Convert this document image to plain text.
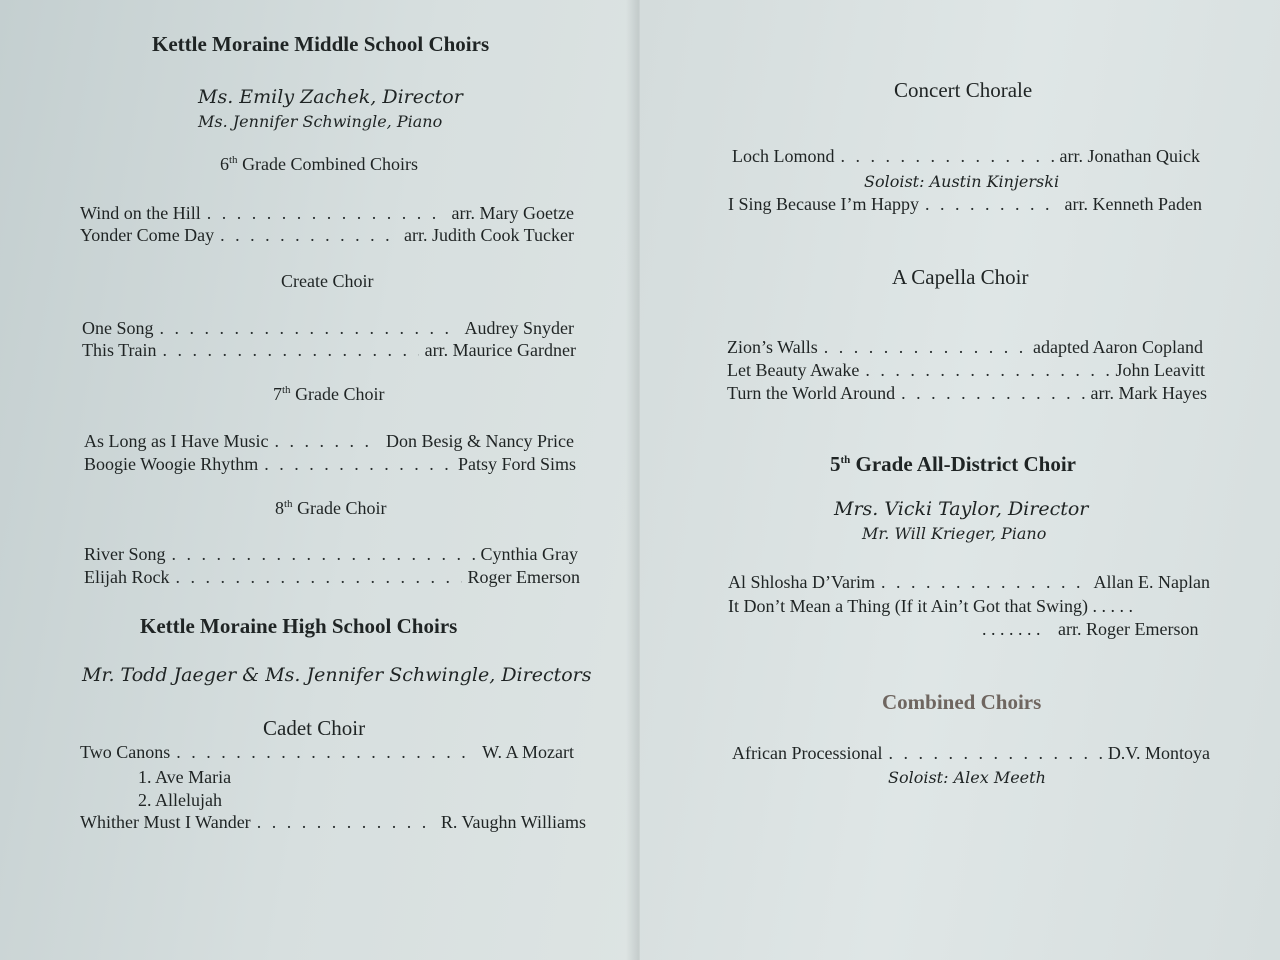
Kettle Moraine Middle School Choirs
Ms. Emily Zachek, Director
Ms. Jennifer Schwingle, Piano
6th Grade Combined Choirs
Wind on the Hill . . .	arr. Mary Goetze
Yonder Come Day . . .	arr. Judith Cook Tucker
Create Choir
One Song . . .	Audrey Snyder
This Train . . .	arr. Maurice Gardner
7th Grade Choir
As Long as I Have Music . . .	Don Besig & Nancy Price
Boogie Woogie Rhythm . . .	Patsy Ford Sims
8th Grade Choir
River Song . . .	Cynthia Gray
Elijah Rock . . .	Roger Emerson
Kettle Moraine High School Choirs
Mr. Todd Jaeger & Ms. Jennifer Schwingle, Directors
Cadet Choir
Two Canons . . .	W. A Mozart
1. Ave Maria
2. Allelujah
Whither Must I Wander . . .	R. Vaughn Williams
Concert Chorale
Loch Lomond . . .	arr. Jonathan Quick
Soloist: Austin Kinjerski
I Sing Because I’m Happy . . .	arr. Kenneth Paden
A Capella Choir
Zion’s Walls . . .	adapted Aaron Copland
Let Beauty Awake . . .	John Leavitt
Turn the World Around . . .	arr. Mark Hayes
5th Grade All-District Choir
Mrs. Vicki Taylor, Director
Mr. Will Krieger, Piano
Al Shlosha D’Varim . . .	Allan E. Naplan
It Don’t Mean a Thing (If it Ain’t Got that Swing) . . . . .
. . . . . . . arr. Roger Emerson
Combined Choirs
African Processional . . .	D.V. Montoya
Soloist: Alex Meeth
